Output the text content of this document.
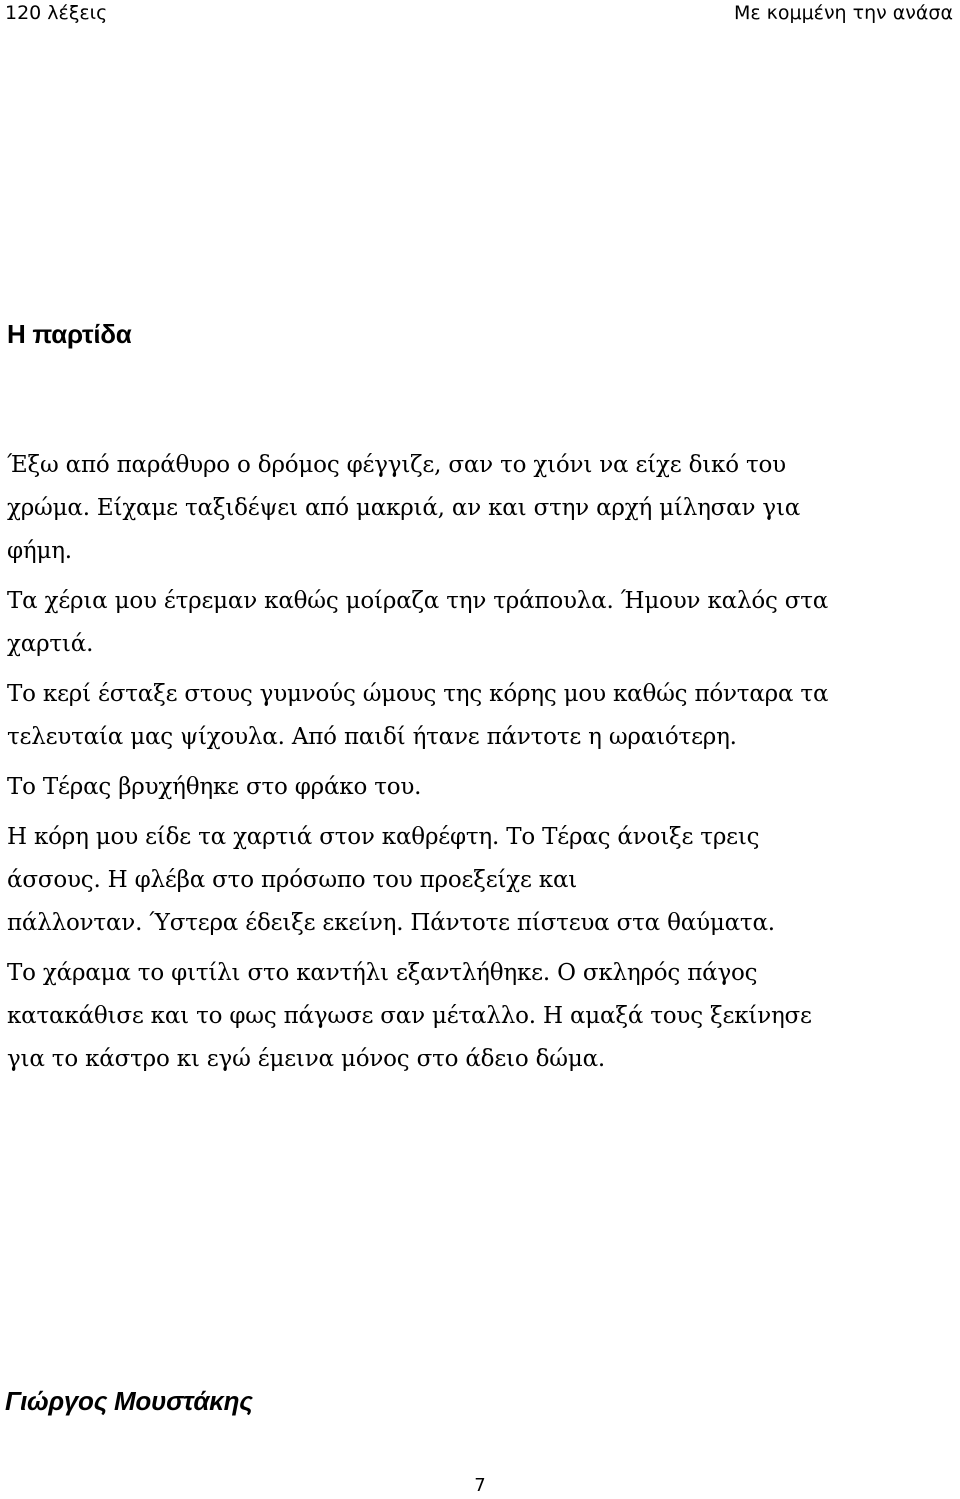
120 λέξεις	Με κομμένη την ανάσα
Η παρτίδα

Έξω από παράθυρο ο δρόμος φέγγιζε, σαν το χιόνι να είχε δικό του
χρώμα. Είχαμε ταξιδέψει από μακριά, αν και στην αρχή μίλησαν για
φήμη.

Τα χέρια μου έτρεμαν καθώς μοίραζα την τράπουλα. Ήμουν καλός στα
χαρτιά.

Το κερί έσταξε στους γυμνούς ώμους της κόρης μου καθώς πόνταρα τα
τελευταία μας ψίχουλα. Από παιδί ήτανε πάντοτε η ωραιότερη.

Το Τέρας βρυχήθηκε στο φράκο του.

Η κόρη μου είδε τα χαρτιά στον καθρέφτη. Το Τέρας άνοιξε τρεις
άσσους. Η φλέβα στο πρόσωπο του προεξείχε και
πάλλονταν. Ύστερα έδειξε εκείνη. Πάντοτε πίστευα στα θαύματα.

Το χάραμα το φιτίλι στο καντήλι εξαντλήθηκε. Ο σκληρός πάγος
κατακάθισε και το φως πάγωσε σαν μέταλλο. Η αμαξά τους ξεκίνησε
για το κάστρο κι εγώ έμεινα μόνος στο άδειο δώμα.

Γιώργος Μουστάκης

7
